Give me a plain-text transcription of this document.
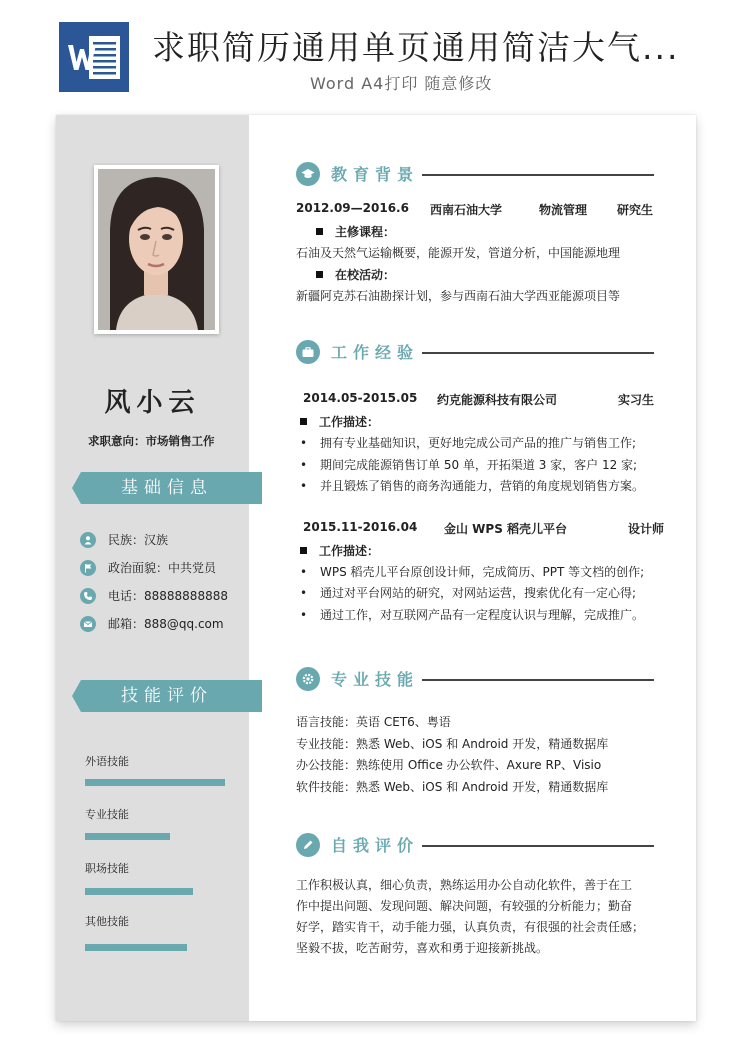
求职简历通用单页通用简洁大气...
Word A4打印 随意修改
风小云
求职意向：市场销售工作
基础信息
民族：汉族
政治面貌：中共党员
电话：88888888888
邮箱：888@qq.com
技能评价
外语技能
专业技能
职场技能
其他技能
教育背景
2012.09—2016.6 西南石油大学	物流管理 研究生
主修课程：
石油及天然气运输概要，能源开发，管道分析，中国能源地理
在校活动：
新疆阿克苏石油勘探计划，参与西南石油大学西亚能源项目等
工作经验
2014.05-2015.05 约克能源科技有限公司	实习生
工作描述：
• 拥有专业基础知识，更好地完成公司产品的推广与销售工作;
• 期间完成能源销售订单 50 单，开拓渠道 3 家，客户 12 家;
• 并且锻炼了销售的商务沟通能力，营销的角度规划销售方案。
2015.11-2016.04 金山 WPS 稻壳儿平台	设计师
工作描述：
• WPS 稻壳儿平台原创设计师，完成简历、PPT 等文档的创作;
• 通过对平台网站的研究，对网站运营，搜索优化有一定心得;
• 通过工作，对互联网产品有一定程度认识与理解，完成推广。
专业技能
语言技能：英语 CET6、粤语
专业技能：熟悉 Web、iOS 和 Android 开发，精通数据库
办公技能：熟练使用 Office 办公软件、Axure RP、Visio
软件技能：熟悉 Web、iOS 和 Android 开发，精通数据库
自我评价
工作积极认真，细心负责，熟练运用办公自动化软件，善于在工
作中提出问题、发现问题、解决问题，有较强的分析能力；勤奋
好学，踏实肯干，动手能力强，认真负责，有很强的社会责任感；
坚毅不拔，吃苦耐劳，喜欢和勇于迎接新挑战。
